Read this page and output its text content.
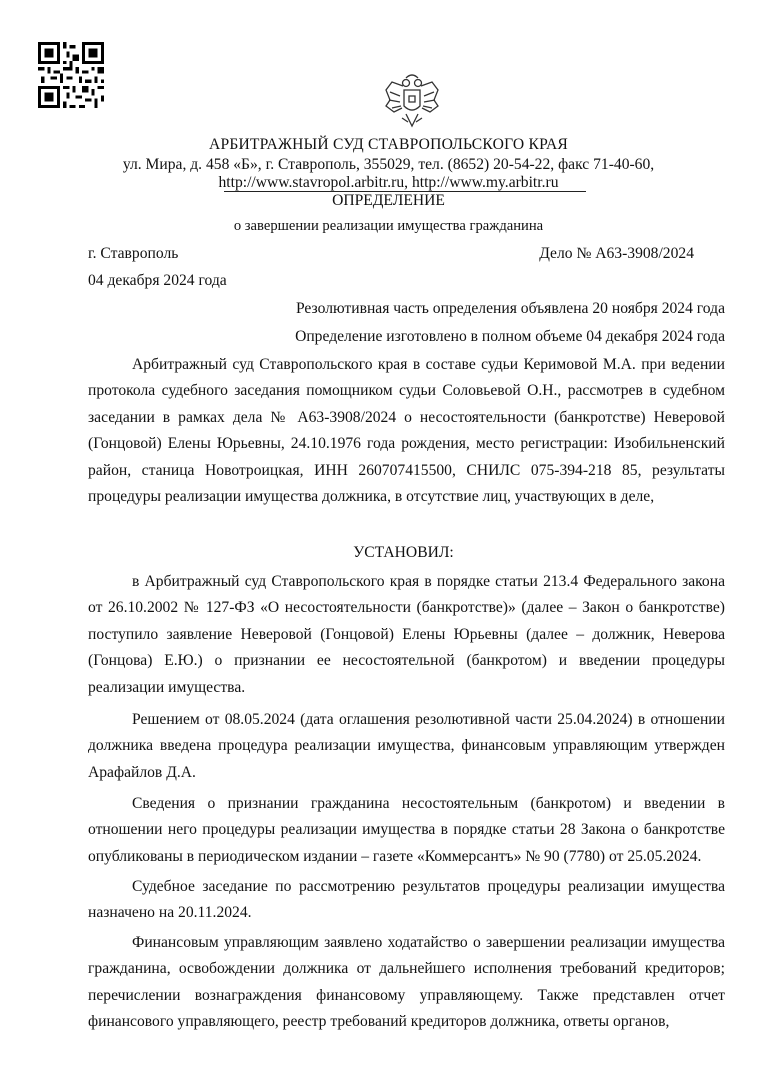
АРБИТРАЖНЫЙ СУД СТАВРОПОЛЬСКОГО КРАЯ
ул. Мира, д. 458 «Б», г. Ставрополь, 355029, тел. (8652) 20-54-22, факс 71-40-60,
http://www.stavropol.arbitr.ru, http://www.my.arbitr.ru
ОПРЕДЕЛЕНИЕ
о завершении реализации имущества гражданина
г. Ставрополь	Дело № А63-3908/2024
04 декабря 2024 года
Резолютивная часть определения объявлена 20 ноября 2024 года
Определение изготовлено в полном объеме 04 декабря 2024 года

Арбитражный суд Ставропольского края в составе судьи Керимовой М.А. при ведении протокола судебного заседания помощником судьи Соловьевой О.Н., рассмотрев в судебном заседании в рамках дела № А63-3908/2024 о несостоятельности (банкротстве) Неверовой (Гонцовой) Елены Юрьевны, 24.10.1976 года рождения, место регистрации: Изобильненский район, станица Новотроицкая, ИНН 260707415500, СНИЛС 075-394-218 85, результаты процедуры реализации имущества должника, в отсутствие лиц, участвующих в деле,

УСТАНОВИЛ:

в Арбитражный суд Ставропольского края в порядке статьи 213.4 Федерального закона от 26.10.2002 № 127-ФЗ «О несостоятельности (банкротстве)» (далее – Закон о банкротстве) поступило заявление Неверовой (Гонцовой) Елены Юрьевны (далее – должник, Неверова (Гонцова) Е.Ю.) о признании ее несостоятельной (банкротом) и введении процедуры реализации имущества.

Решением от 08.05.2024 (дата оглашения резолютивной части 25.04.2024) в отношении должника введена процедура реализации имущества, финансовым управляющим утвержден Арафайлов Д.А.

Сведения о признании гражданина несостоятельным (банкротом) и введении в отношении него процедуры реализации имущества в порядке статьи 28 Закона о банкротстве опубликованы в периодическом издании – газете «Коммерсантъ» № 90 (7780) от 25.05.2024.

Судебное заседание по рассмотрению результатов процедуры реализации имущества назначено на 20.11.2024.

Финансовым управляющим заявлено ходатайство о завершении реализации имущества гражданина, освобождении должника от дальнейшего исполнения требований кредиторов; перечислении вознаграждения финансовому управляющему. Также представлен отчет финансового управляющего, реестр требований кредиторов должника, ответы органов,
